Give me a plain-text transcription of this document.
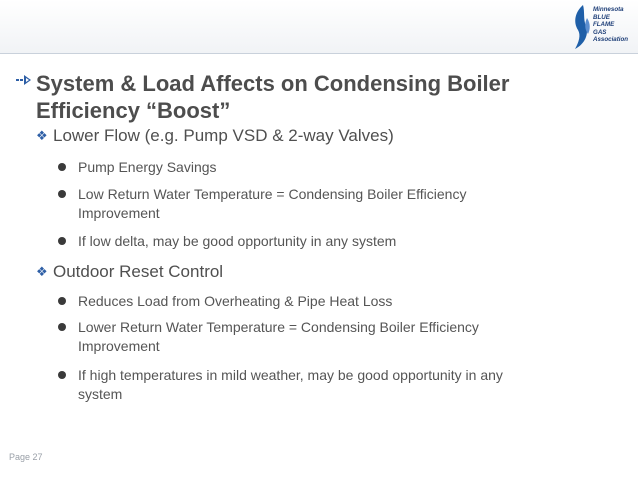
Minnesota
BLUE
FLAME
GAS
Association
System & Load Affects on Condensing Boiler Efficiency “Boost”
❖ Lower Flow (e.g. Pump VSD & 2-way Valves)
Pump Energy Savings
Low Return Water Temperature = Condensing Boiler Efficiency Improvement
If low delta, may be good opportunity in any system
❖ Outdoor Reset Control
Reduces Load from Overheating & Pipe Heat Loss
Lower Return Water Temperature = Condensing Boiler Efficiency Improvement
If high temperatures in mild weather, may be good opportunity in any system
Page 27
